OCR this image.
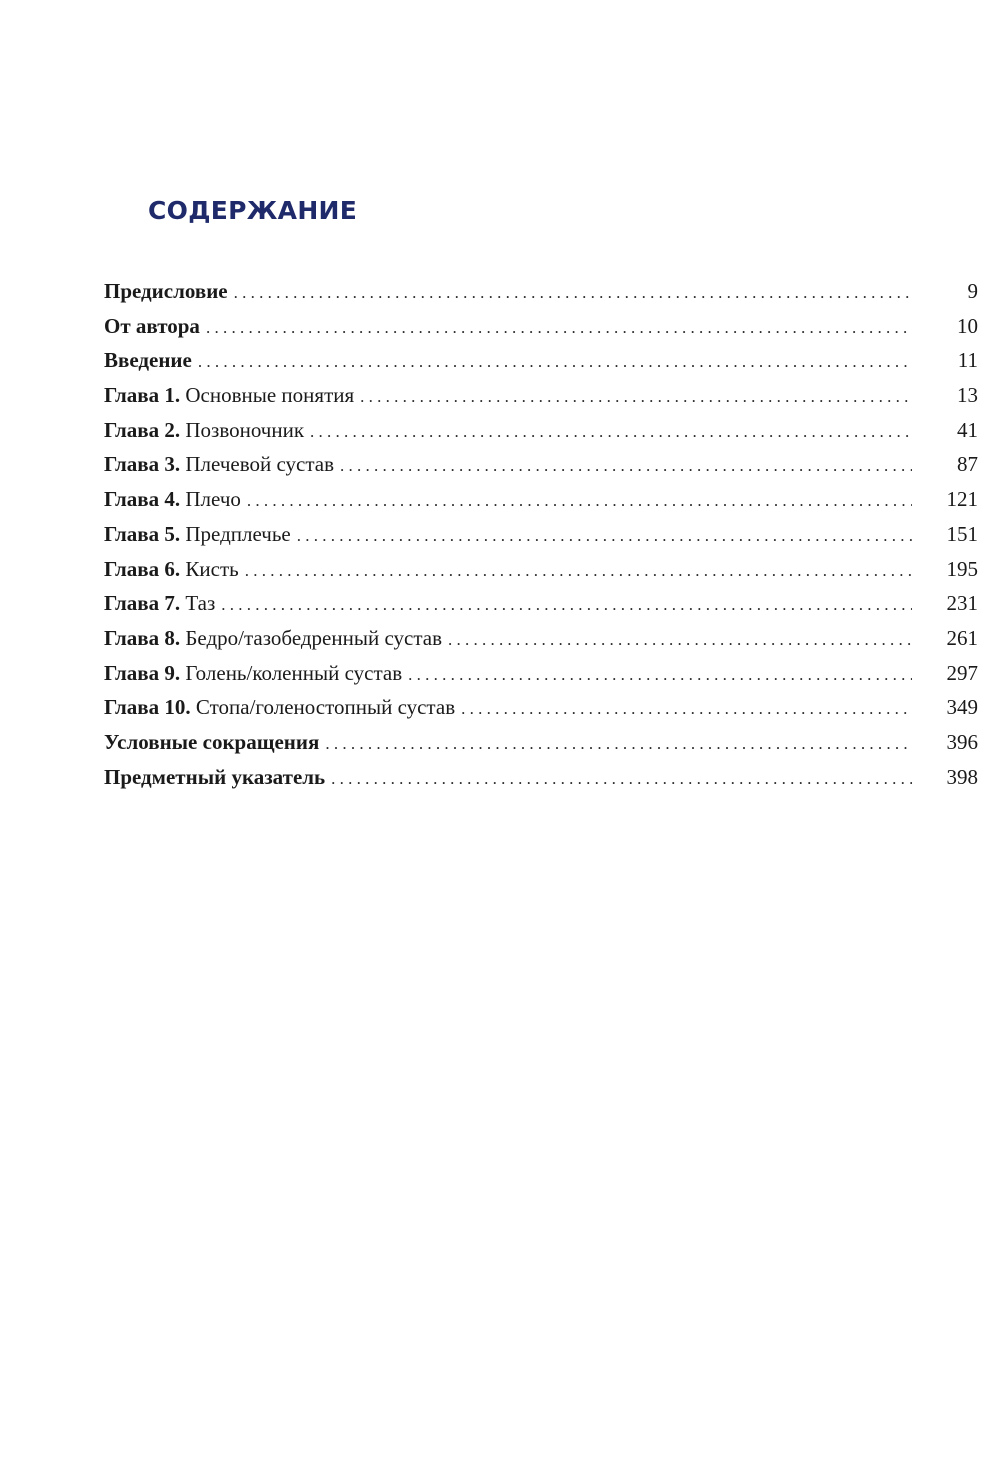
СОДЕРЖАНИЕ
Предисловие . . .	9
От автора . . .	10
Введение . . .	11
Глава 1. Основные понятия . . .	13
Глава 2. Позвоночник . . .	41
Глава 3. Плечевой сустав . . .	87
Глава 4. Плечо . . .	121
Глава 5. Предплечье . . .	151
Глава 6. Кисть . . .	195
Глава 7. Таз . . .	231
Глава 8. Бедро/тазобедренный сустав . . .	261
Глава 9. Голень/коленный сустав . . .	297
Глава 10. Стопа/голеностопный сустав . . .	349
Условные сокращения . . .	396
Предметный указатель . . .	398
